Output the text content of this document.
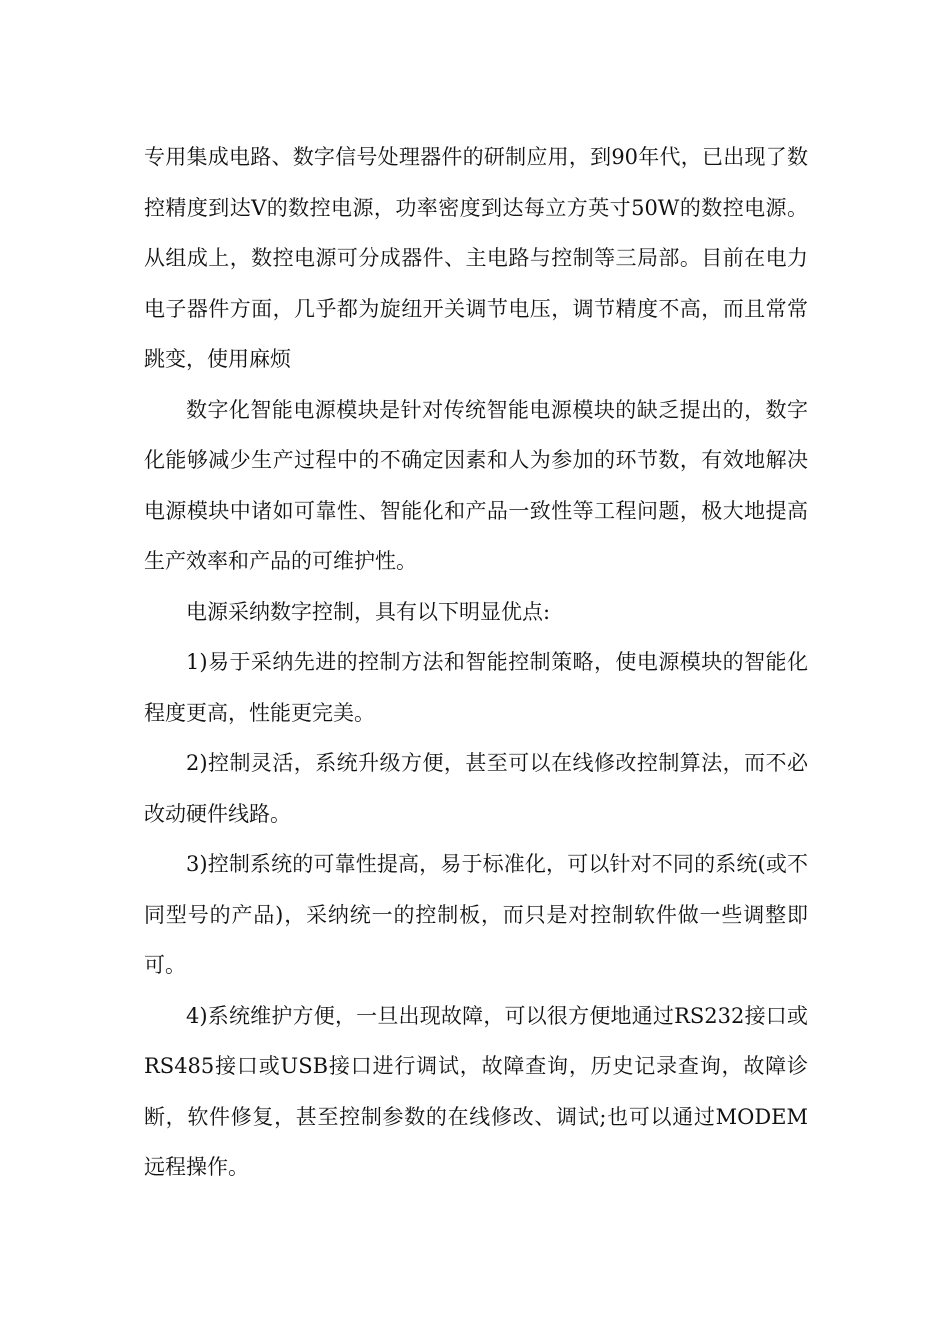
专用集成电路、数字信号处理器件的研制应用，到90年代，已出现了数控精度到达V的数控电源，功率密度到达每立方英寸50W的数控电源。从组成上，数控电源可分成器件、主电路与控制等三局部。目前在电力电子器件方面，几乎都为旋纽开关调节电压，调节精度不高，而且常常跳变，使用麻烦

数字化智能电源模块是针对传统智能电源模块的缺乏提出的，数字化能够减少生产过程中的不确定因素和人为参加的环节数，有效地解决电源模块中诸如可靠性、智能化和产品一致性等工程问题，极大地提高生产效率和产品的可维护性。

电源采纳数字控制，具有以下明显优点:

1)易于采纳先进的控制方法和智能控制策略，使电源模块的智能化程度更高，性能更完美。

2)控制灵活，系统升级方便，甚至可以在线修改控制算法，而不必改动硬件线路。

3)控制系统的可靠性提高，易于标准化，可以针对不同的系统(或不同型号的产品)，采纳统一的控制板，而只是对控制软件做一些调整即可。

4)系统维护方便，一旦出现故障，可以很方便地通过RS232接口或RS485接口或USB接口进行调试，故障查询，历史记录查询，故障诊断，软件修复，甚至控制参数的在线修改、调试;也可以通过MODEM远程操作。
